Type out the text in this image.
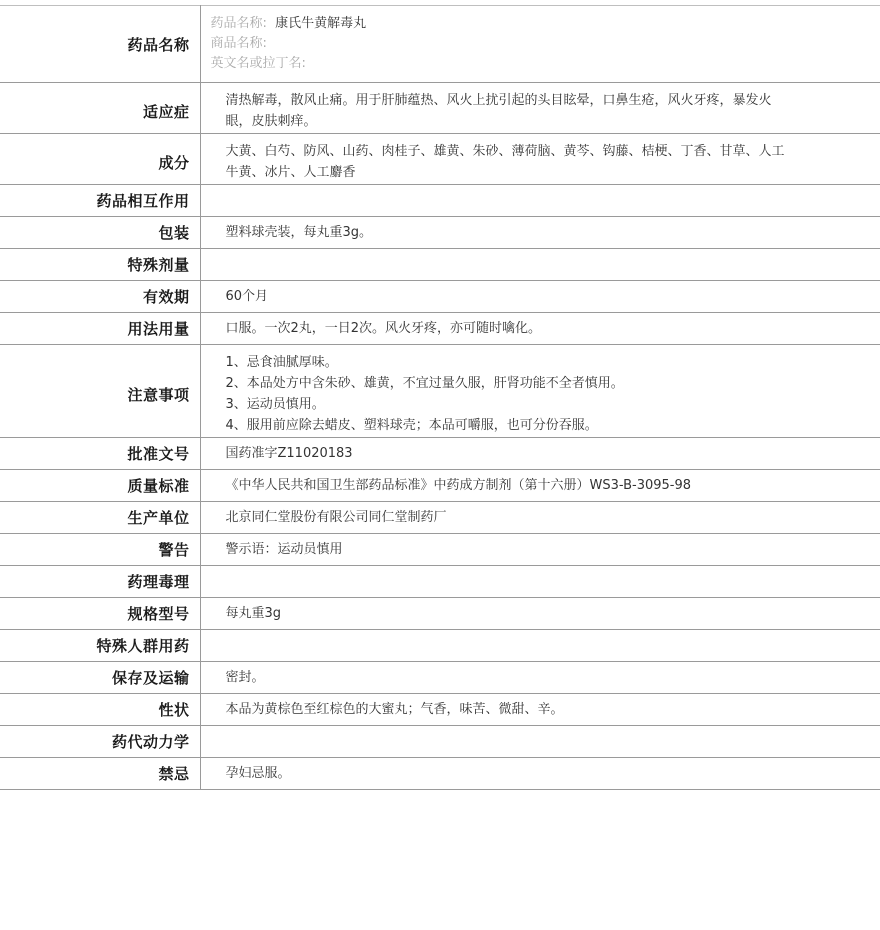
药品名称	药品名称: 康氏牛黄解毒丸
商品名称:
英文名或拉丁名:

适应症	清热解毒，散风止痛。用于肝肺蕴热、风火上扰引起的头目眩晕，口鼻生疮，风火牙疼，暴发火眼，皮肤刺痒。
成分	大黄、白芍、防风、山药、肉桂子、雄黄、朱砂、薄荷脑、黄芩、钩藤、桔梗、丁香、甘草、人工牛黄、冰片、人工麝香
药品相互作用	
包装	塑料球壳装，每丸重3g。
特殊剂量	
有效期	60个月
用法用量	口服。一次2丸，一日2次。风火牙疼，亦可随时噙化。
注意事项	1、忌食油腻厚味。
2、本品处方中含朱砂、雄黄，不宜过量久服，肝肾功能不全者慎用。
3、运动员慎用。
4、服用前应除去蜡皮、塑料球壳；本品可嚼服，也可分份吞服。

批准文号	国药准字Z11020183
质量标准	《中华人民共和国卫生部药品标准》中药成方制剂（第十六册）WS3-B-3095-98
生产单位	北京同仁堂股份有限公司同仁堂制药厂
警告	警示语：运动员慎用
药理毒理	
规格型号	每丸重3g
特殊人群用药	
保存及运输	密封。
性状	本品为黄棕色至红棕色的大蜜丸；气香，味苦、微甜、辛。
药代动力学	
禁忌	孕妇忌服。
